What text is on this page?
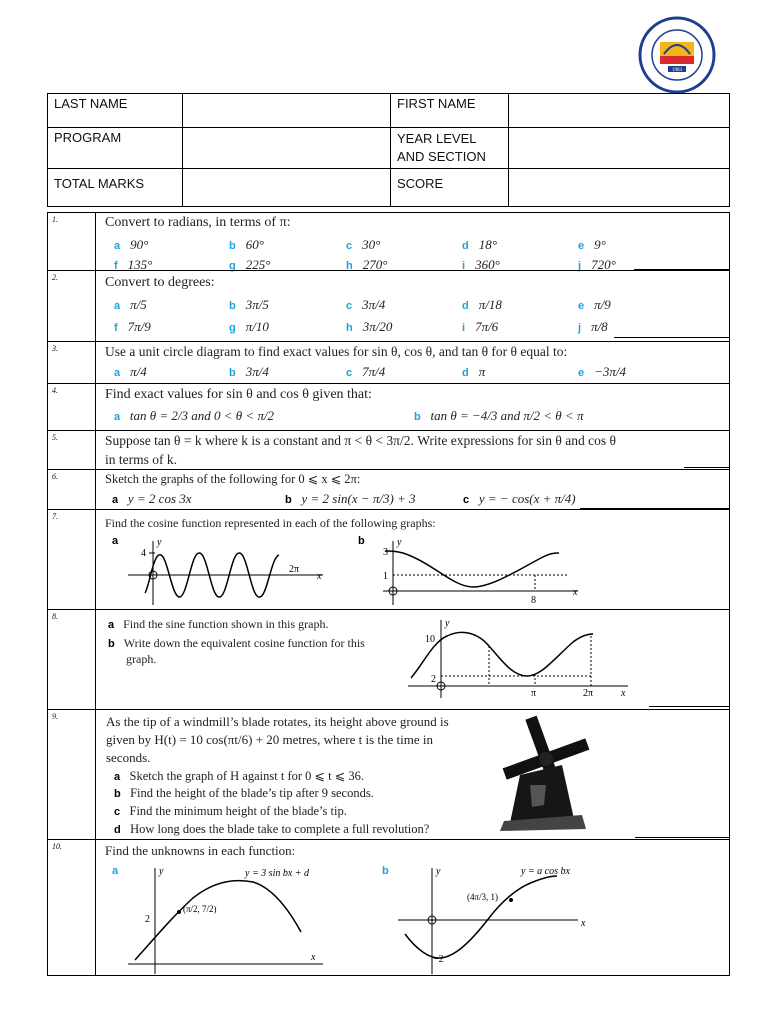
1983
LAST NAME		FIRST NAME	
PROGRAM		YEAR LEVEL AND SECTION	
TOTAL MARKS		SCORE	
1.	Convert to radians, in terms of π:
a 90°	b 60°	c 30°	d 18°	e 9°
f 135°	g 225°	h 270°	i 360°	j 720°
2.	Convert to degrees:
a π/5	b 3π/5	c 3π/4	d π/18	e π/9
f 7π/9	g π/10	h 3π/20	i 7π/6	j π/8
3.	Use a unit circle diagram to find exact values for sin θ, cos θ, and tan θ for θ equal to:
a π/4	b 3π/4	c 7π/4	d π	e −3π/4
4.	Find exact values for sin θ and cos θ given that:
a tan θ = 2/3 and 0 < θ < π/2	b tan θ = −4/3 and π/2 < θ < π
5.	Suppose tan θ = k where k is a constant and π < θ < 3π/2. Write expressions for sin θ and cos θ
in terms of k.
6.	Sketch the graphs of the following for 0 ⩽ x ⩽ 2π:
a y = 2 cos 3x	b y = 2 sin(x − π/3) + 3	c y = − cos(x + π/4)
7.	Find the cosine function represented in each of the following graphs:
a	b
y
x
4
2π
y
x
3
1
8
8.
a Find the sine function shown in this graph.
b Write down the equivalent cosine function for this
graph.
y
x
10
2
π	2π
9.	As the tip of a windmill’s blade rotates, its height above ground is
given by H(t) = 10 cos(πt/6) + 20 metres, where t is the time in
seconds.
a Sketch the graph of H against t for 0 ⩽ t ⩽ 36.
b Find the height of the blade’s tip after 9 seconds.
c Find the minimum height of the blade’s tip.
d How long does the blade take to complete a full revolution?
10.	Find the unknowns in each function:
a	b
y
x
2
(π/2, 7/2)
y = 3 sin bx + d	y
x
−2
(4π/3, 1)
y = a cos bx
